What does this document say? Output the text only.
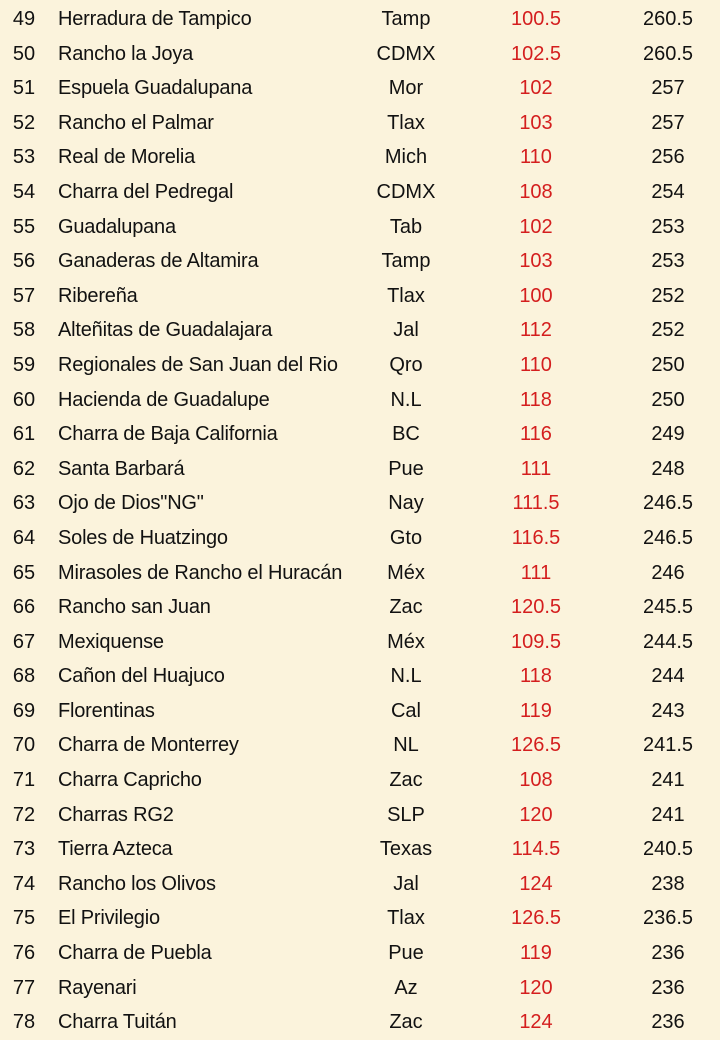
49	Herradura de Tampico	Tamp	100.5	260.5
50	Rancho la Joya	CDMX	102.5	260.5
51	Espuela Guadalupana	Mor	102	257
52	Rancho el Palmar	Tlax	103	257
53	Real de Morelia	Mich	110	256
54	Charra del Pedregal	CDMX	108	254
55	Guadalupana	Tab	102	253
56	Ganaderas de Altamira	Tamp	103	253
57	Ribereña	Tlax	100	252
58	Alteñitas de Guadalajara	Jal	112	252
59	Regionales de San Juan del Rio	Qro	110	250
60	Hacienda de Guadalupe	N.L	118	250
61	Charra de Baja California	BC	116	249
62	Santa Barbará	Pue	111	248
63	Ojo de Dios"NG"	Nay	111.5	246.5
64	Soles de Huatzingo	Gto	116.5	246.5
65	Mirasoles de Rancho el Huracán	Méx	111	246
66	Rancho san Juan	Zac	120.5	245.5
67	Mexiquense	Méx	109.5	244.5
68	Cañon del Huajuco	N.L	118	244
69	Florentinas	Cal	119	243
70	Charra de Monterrey	NL	126.5	241.5
71	Charra Capricho	Zac	108	241
72	Charras RG2	SLP	120	241
73	Tierra Azteca	Texas	114.5	240.5
74	Rancho los Olivos	Jal	124	238
75	El Privilegio	Tlax	126.5	236.5
76	Charra de Puebla	Pue	119	236
77	Rayenari	Az	120	236
78	Charra Tuitán	Zac	124	236
